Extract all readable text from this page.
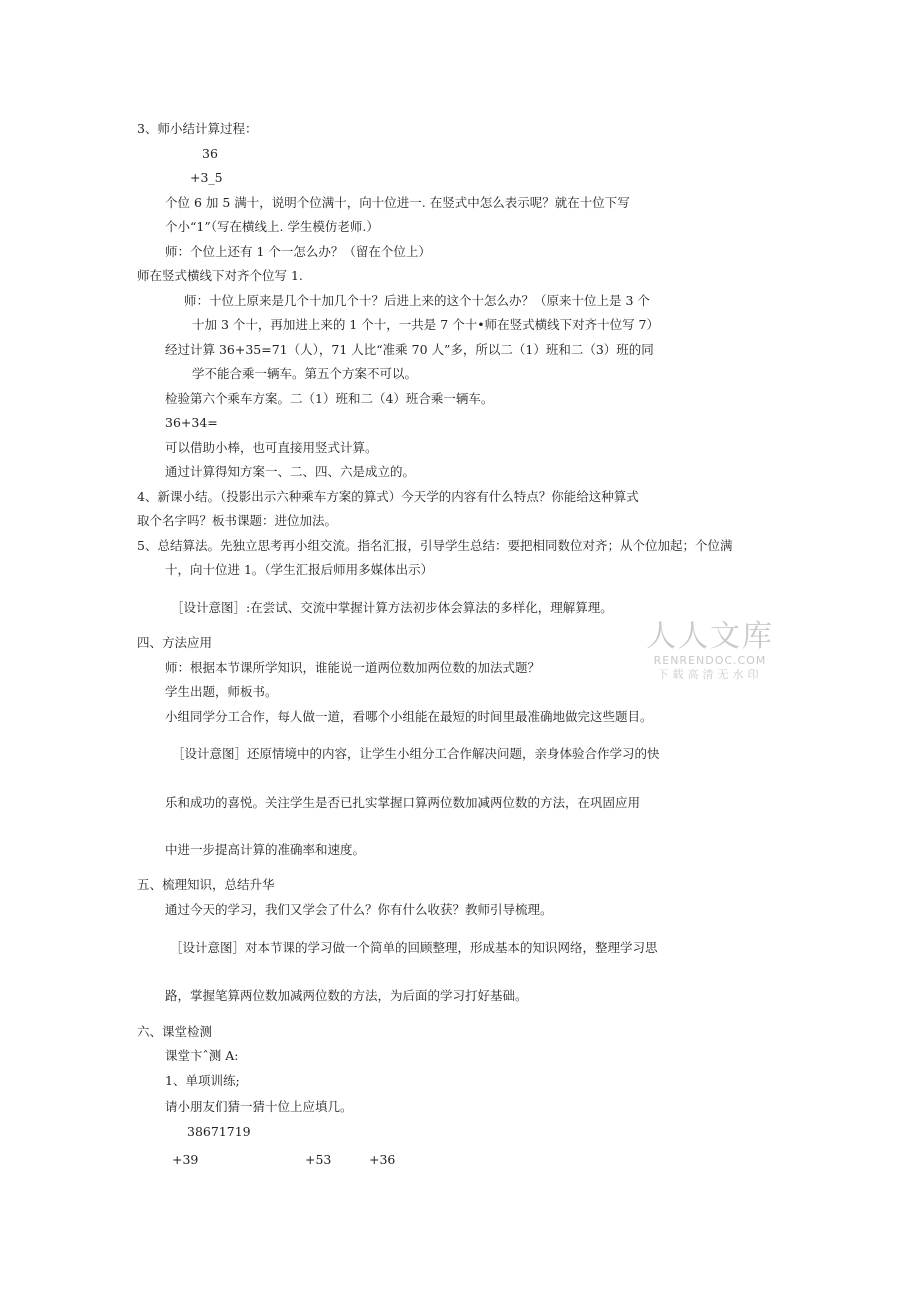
3、师小结计算过程：
36
+3_5
个位 6 加 5 满十，说明个位满十，向十位进一. 在竖式中怎么表示呢？就在十位下写
个小“1”（写在横线上. 学生模仿老师.）
师：个位上还有 1 个一怎么办？（留在个位上）
师在竖式横线下对齐个位写 1.
师：十位上原来是几个十加几个十？后进上来的这个十怎么办？（原来十位上是 3 个
十加 3 个十，再加进上来的 1 个十，一共是 7 个十•师在竖式横线下对齐十位写 7）
经过计算 36+35=71（人），71 人比“准乘 70 人”多，所以二（1）班和二（3）班的同
学不能合乘一辆车。第五个方案不可以。
检验第六个乘车方案。二（1）班和二（4）班合乘一辆车。
36+34=
可以借助小棒，也可直接用竖式计算。
通过计算得知方案一、二、四、六是成立的。
4、新课小结。（投影出示六种乘车方案的算式）今天学的内容有什么特点？你能给这种算式
取个名字吗？板书课题：进位加法。
5、总结算法。先独立思考再小组交流。指名汇报，引导学生总结：要把相同数位对齐；从个位加起；个位满
十，向十位进 1。（学生汇报后师用多媒体出示）
［设计意图］:在尝试、交流中掌握计算方法初步体会算法的多样化，理解算理。
四、方法应用
师：根据本节课所学知识，谁能说一道两位数加两位数的加法式题？
学生出题，师板书。
小组同学分工合作，每人做一道，看哪个小组能在最短的时间里最准确地做完这些题目。
［设计意图］还原情境中的内容，让学生小组分工合作解决问题，亲身体验合作学习的快
乐和成功的喜悦。关注学生是否已扎实掌握口算两位数加减两位数的方法，在巩固应用
中进一步提高计算的准确率和速度。
五、梳理知识，总结升华
通过今天的学习，我们又学会了什么？你有什么收获？教师引导梳理。
［设计意图］对本节课的学习做一个简单的回顾整理，形成基本的知识网络，整理学习思
路，掌握笔算两位数加减两位数的方法，为后面的学习打好基础。
六、课堂检测
课堂卞ˆ测 A:
1、单项训练;
请小朋友们猜一猜十位上应填几。
38671719
+39	+53	+36
人人文库
RENRENDOC.COM
下载高清无水印
